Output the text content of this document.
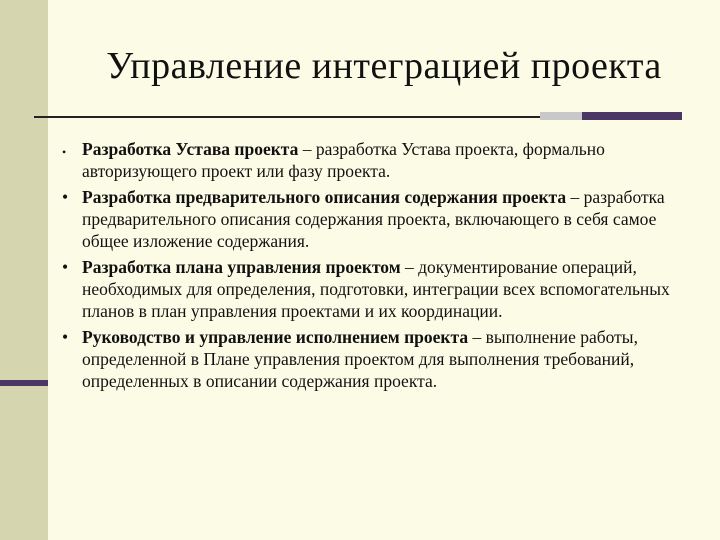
Управление интеграцией проекта
• Разработка Устава проекта – разработка Устава проекта, формально авторизующего проект или фазу проекта.
• Разработка предварительного описания содержания проекта – разработка предварительного описания содержания проекта, включающего в себя самое общее изложение содержания.
• Разработка плана управления проектом – документирование операций, необходимых для определения, подготовки, интеграции всех вспомогательных планов в план управления проектами и их координации.
• Руководство и управление исполнением проекта – выполнение работы, определенной в Плане управления проектом для выполнения требований, определенных в описании содержания проекта.
